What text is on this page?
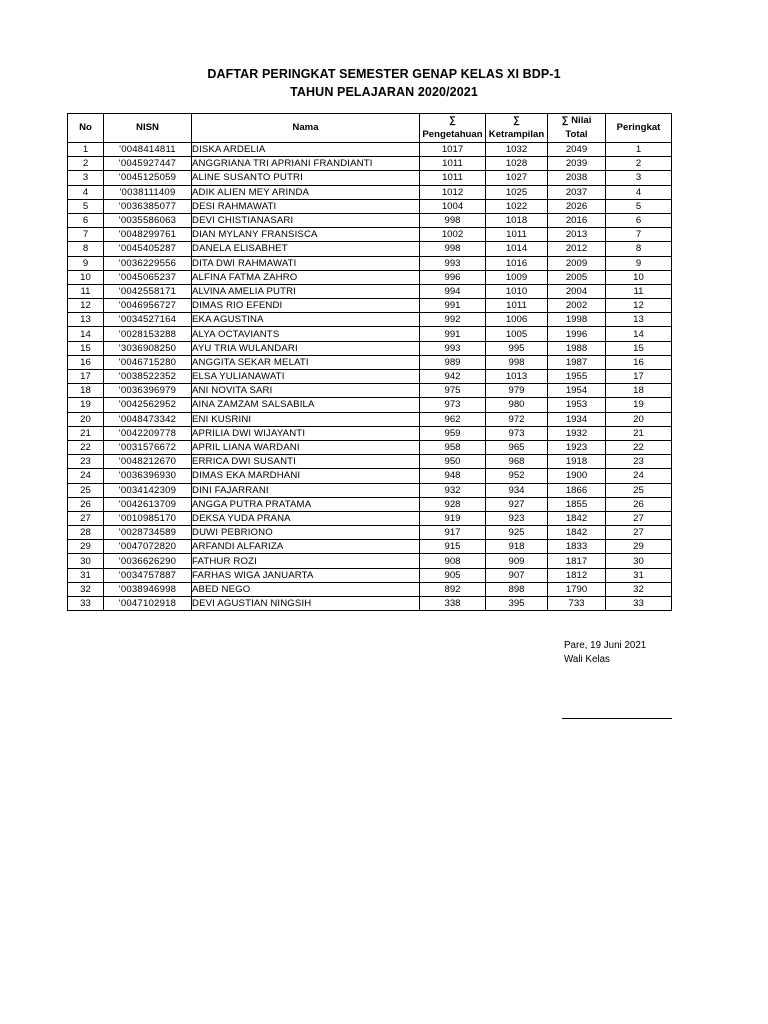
DAFTAR PERINGKAT SEMESTER GENAP KELAS XI BDP-1
TAHUN PELAJARAN 2020/2021
No	NISN	Nama	∑	∑	∑ Nilai	Peringkat
			Pengetahuan	Ketrampilan	Total	
1	'0048414811	DISKA ARDELIA	1017	1032	2049	1
2	'0045927447	ANGGRIANA TRI APRIANI FRANDIANTI	1011	1028	2039	2
3	'0045125059	ALINE SUSANTO PUTRI	1011	1027	2038	3
4	'0038111409	ADIK ALIEN MEY ARINDA	1012	1025	2037	4
5	'0036385077	DESI RAHMAWATI	1004	1022	2026	5
6	'0035586063	DEVI CHISTIANASARI	998	1018	2016	6
7	'0048299761	DIAN MYLANY FRANSISCA	1002	1011	2013	7
8	'0045405287	DANELA ELISABHET	998	1014	2012	8
9	'0036229556	DITA DWI RAHMAWATI	993	1016	2009	9
10	'0045065237	ALFINA FATMA ZAHRO	996	1009	2005	10
11	'0042558171	ALVINA AMELIA PUTRI	994	1010	2004	11
12	'0046956727	DIMAS RIO EFENDI	991	1011	2002	12
13	'0034527164	EKA AGUSTINA	992	1006	1998	13
14	'0028153288	ALYA OCTAVIANTS	991	1005	1996	14
15	'3036908250	AYU TRIA WULANDARI	993	995	1988	15
16	'0046715280	ANGGITA SEKAR MELATI	989	998	1987	16
17	'0038522352	ELSA YULIANAWATI	942	1013	1955	17
18	'0036396979	ANI NOVITA SARI	975	979	1954	18
19	'0042562952	AINA ZAMZAM SALSABILA	973	980	1953	19
20	'0048473342	ENI KUSRINI	962	972	1934	20
21	'0042209778	APRILIA DWI WIJAYANTI	959	973	1932	21
22	'0031576672	APRIL LIANA WARDANI	958	965	1923	22
23	'0048212670	ERRICA DWI SUSANTI	950	968	1918	23
24	'0036396930	DIMAS EKA MARDHANI	948	952	1900	24
25	'0034142309	DINI FAJARRANI	932	934	1866	25
26	'0042613709	ANGGA PUTRA PRATAMA	928	927	1855	26
27	'0010985170	DEKSA YUDA PRANA	919	923	1842	27
28	'0028734589	DUWI PEBRIONO	917	925	1842	27
29	'0047072820	ARFANDI ALFARIZA	915	918	1833	29
30	'0036626290	FATHUR ROZI	908	909	1817	30
31	'0034757887	FARHAS WIGA JANUARTA	905	907	1812	31
32	'0038946998	ABED NEGO	892	898	1790	32
33	'0047102918	DEVI AGUSTIAN NINGSIH	338	395	733	33
Pare, 19 Juni 2021
Wali Kelas
